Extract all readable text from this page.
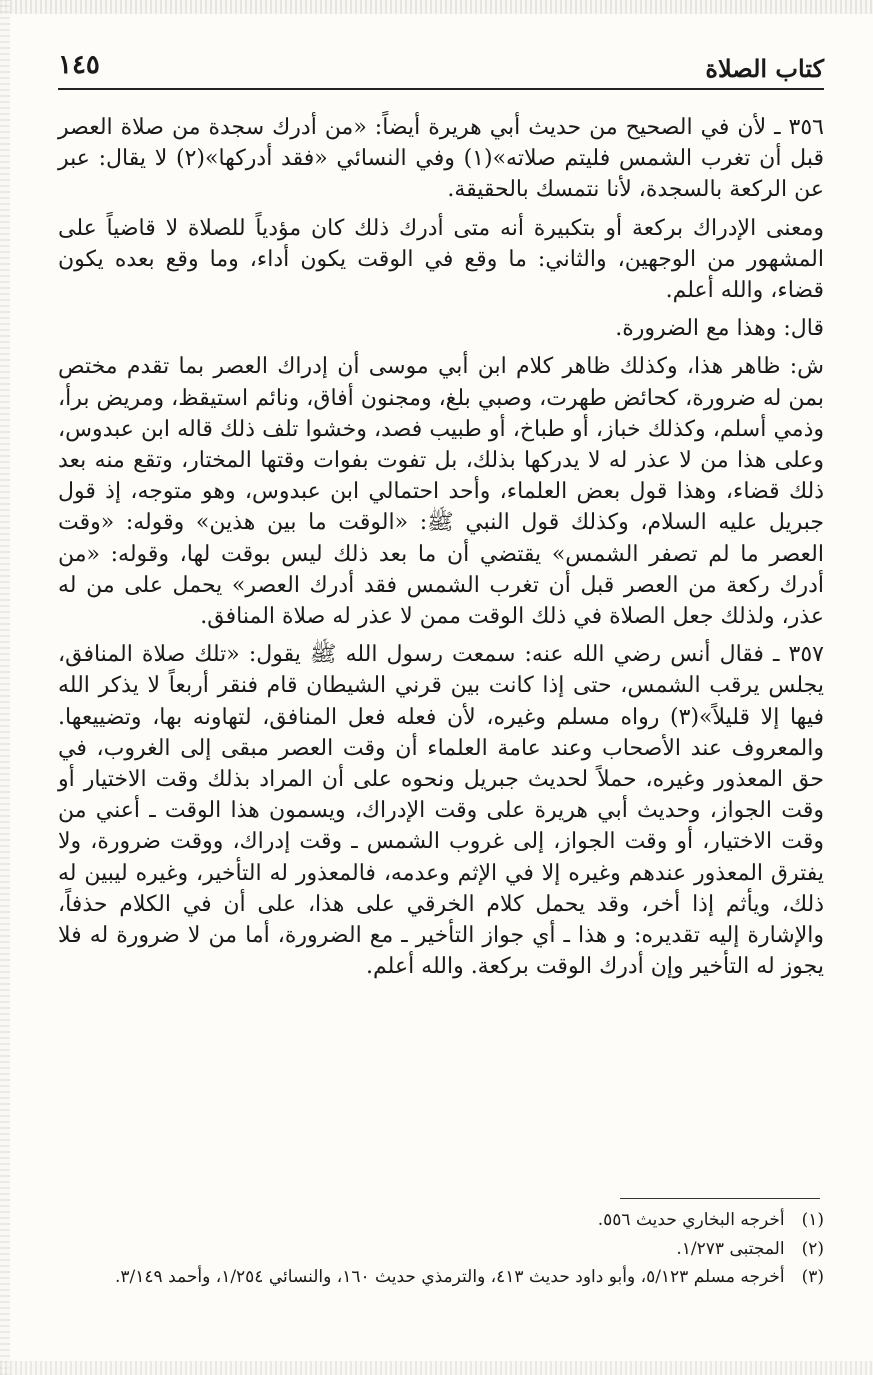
١٤٥	كتاب الصلاة

٣٥٦ ـ لأن في الصحيح من حديث أبي هريرة أيضاً: «من أدرك سجدة من صلاة العصر قبل أن تغرب الشمس فليتم صلاته»(١) وفي النسائي «فقد أدركها»(٢) لا يقال: عبر عن الركعة بالسجدة، لأنا نتمسك بالحقيقة.

ومعنى الإدراك بركعة أو بتكبيرة أنه متى أدرك ذلك كان مؤدياً للصلاة لا قاضياً على المشهور من الوجهين، والثاني: ما وقع في الوقت يكون أداء، وما وقع بعده يكون قضاء، والله أعلم.

قال: وهذا مع الضرورة.

ش: ظاهر هذا، وكذلك ظاهر كلام ابن أبي موسى أن إدراك العصر بما تقدم مختص بمن له ضرورة، كحائض طهرت، وصبي بلغ، ومجنون أفاق، ونائم استيقظ، ومريض برأ، وذمي أسلم، وكذلك خباز، أو طباخ، أو طبيب فصد، وخشوا تلف ذلك قاله ابن عبدوس، وعلى هذا من لا عذر له لا يدركها بذلك، بل تفوت بفوات وقتها المختار، وتقع منه بعد ذلك قضاء، وهذا قول بعض العلماء، وأحد احتمالي ابن عبدوس، وهو متوجه، إذ قول جبريل عليه السلام، وكذلك قول النبي ﷺ: «الوقت ما بين هذين» وقوله: «وقت العصر ما لم تصفر الشمس» يقتضي أن ما بعد ذلك ليس بوقت لها، وقوله: «من أدرك ركعة من العصر قبل أن تغرب الشمس فقد أدرك العصر» يحمل على من له عذر، ولذلك جعل الصلاة في ذلك الوقت ممن لا عذر له صلاة المنافق.

٣٥٧ ـ فقال أنس رضي الله عنه: سمعت رسول الله ﷺ يقول: «تلك صلاة المنافق، يجلس يرقب الشمس، حتى إذا كانت بين قرني الشيطان قام فنقر أربعاً لا يذكر الله فيها إلا قليلاً»(٣) رواه مسلم وغيره، لأن فعله فعل المنافق، لتهاونه بها، وتضييعها. والمعروف عند الأصحاب وعند عامة العلماء أن وقت العصر مبقى إلى الغروب، في حق المعذور وغيره، حملاً لحديث جبريل ونحوه على أن المراد بذلك وقت الاختيار أو وقت الجواز، وحديث أبي هريرة على وقت الإدراك، ويسمون هذا الوقت ـ أعني من وقت الاختيار، أو وقت الجواز، إلى غروب الشمس ـ وقت إدراك، ووقت ضرورة، ولا يفترق المعذور عندهم وغيره إلا في الإثم وعدمه، فالمعذور له التأخير، وغيره ليبين له ذلك، ويأثم إذا أخر، وقد يحمل كلام الخرقي على هذا، على أن في الكلام حذفاً، والإشارة إليه تقديره: و هذا ـ أي جواز التأخير ـ مع الضرورة، أما من لا ضرورة له فلا يجوز له التأخير وإن أدرك الوقت بركعة. والله أعلم.

(١) أخرجه البخاري حديث ٥٥٦.
(٢) المجتبى ١/٢٧٣.
(٣) أخرجه مسلم ٥/١٢٣، وأبو داود حديث ٤١٣، والترمذي حديث ١٦٠، والنسائي ١/٢٥٤، وأحمد ٣/١٤٩.
